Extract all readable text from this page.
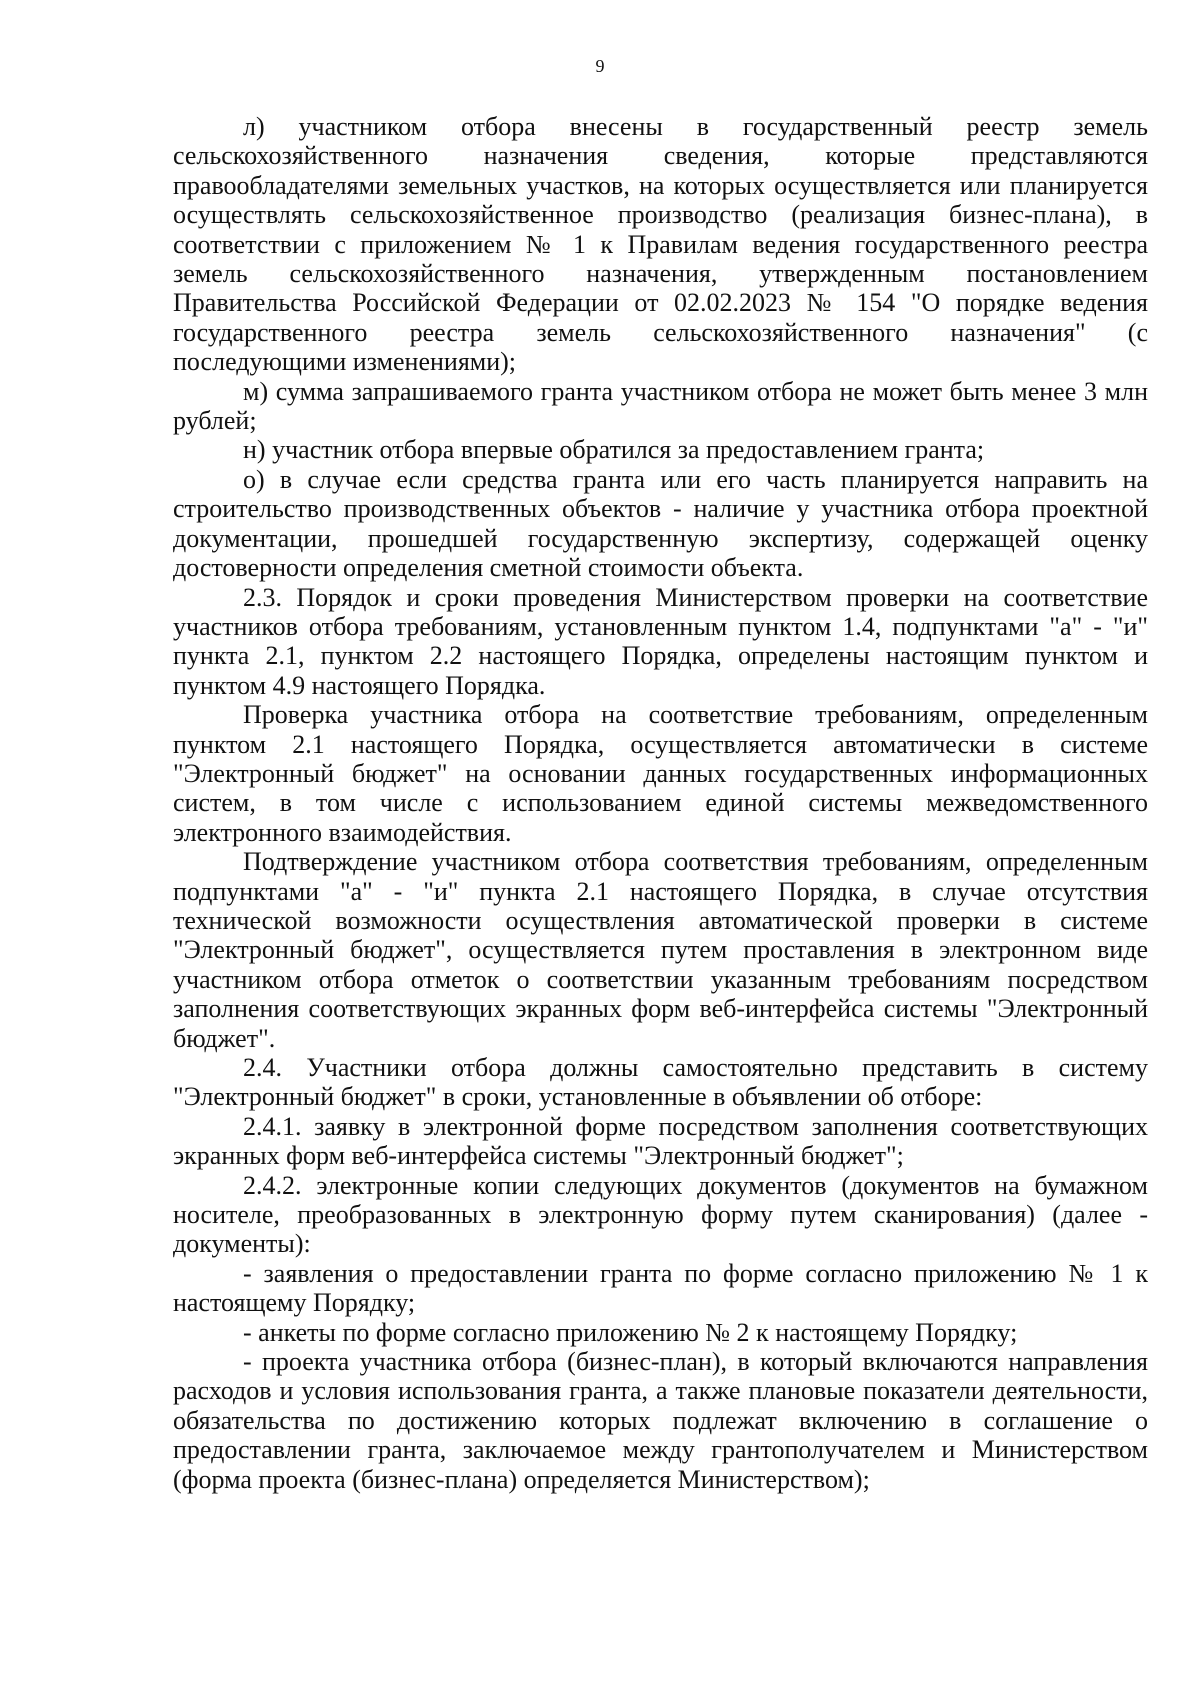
9

л) участником отбора внесены в государственный реестр земель сельскохозяйственного назначения сведения, которые представляются правообладателями земельных участков, на которых осуществляется или планируется осуществлять сельскохозяйственное производство (реализация бизнес-плана), в соответствии с приложением № 1 к Правилам ведения государственного реестра земель сельскохозяйственного назначения, утвержденным постановлением Правительства Российской Федерации от 02.02.2023 № 154 "О порядке ведения государственного реестра земель сельскохозяйственного назначения" (с последующими изменениями);

м) сумма запрашиваемого гранта участником отбора не может быть менее 3 млн рублей;

н) участник отбора впервые обратился за предоставлением гранта;

о) в случае если средства гранта или его часть планируется направить на строительство производственных объектов - наличие у участника отбора проектной документации, прошедшей государственную экспертизу, содержащей оценку достоверности определения сметной стоимости объекта.

2.3. Порядок и сроки проведения Министерством проверки на соответствие участников отбора требованиям, установленным пунктом 1.4, подпунктами "а" - "и" пункта 2.1, пунктом 2.2 настоящего Порядка, определены настоящим пунктом и пунктом 4.9 настоящего Порядка.

Проверка участника отбора на соответствие требованиям, определенным пунктом 2.1 настоящего Порядка, осуществляется автоматически в системе "Электронный бюджет" на основании данных государственных информационных систем, в том числе с использованием единой системы межведомственного электронного взаимодействия.

Подтверждение участником отбора соответствия требованиям, определенным подпунктами "а" - "и" пункта 2.1 настоящего Порядка, в случае отсутствия технической возможности осуществления автоматической проверки в системе "Электронный бюджет", осуществляется путем проставления в электронном виде участником отбора отметок о соответствии указанным требованиям посредством заполнения соответствующих экранных форм веб-интерфейса системы "Электронный бюджет".

2.4. Участники отбора должны самостоятельно представить в систему "Электронный бюджет" в сроки, установленные в объявлении об отборе:

2.4.1. заявку в электронной форме посредством заполнения соответствующих экранных форм веб-интерфейса системы "Электронный бюджет";

2.4.2. электронные копии следующих документов (документов на бумажном носителе, преобразованных в электронную форму путем сканирования) (далее - документы):

- заявления о предоставлении гранта по форме согласно приложению № 1 к настоящему Порядку;

- анкеты по форме согласно приложению № 2 к настоящему Порядку;

- проекта участника отбора (бизнес-план), в который включаются направления расходов и условия использования гранта, а также плановые показатели деятельности, обязательства по достижению которых подлежат включению в соглашение о предоставлении гранта, заключаемое между грантополучателем и Министерством (форма проекта (бизнес-плана) определяется Министерством);
